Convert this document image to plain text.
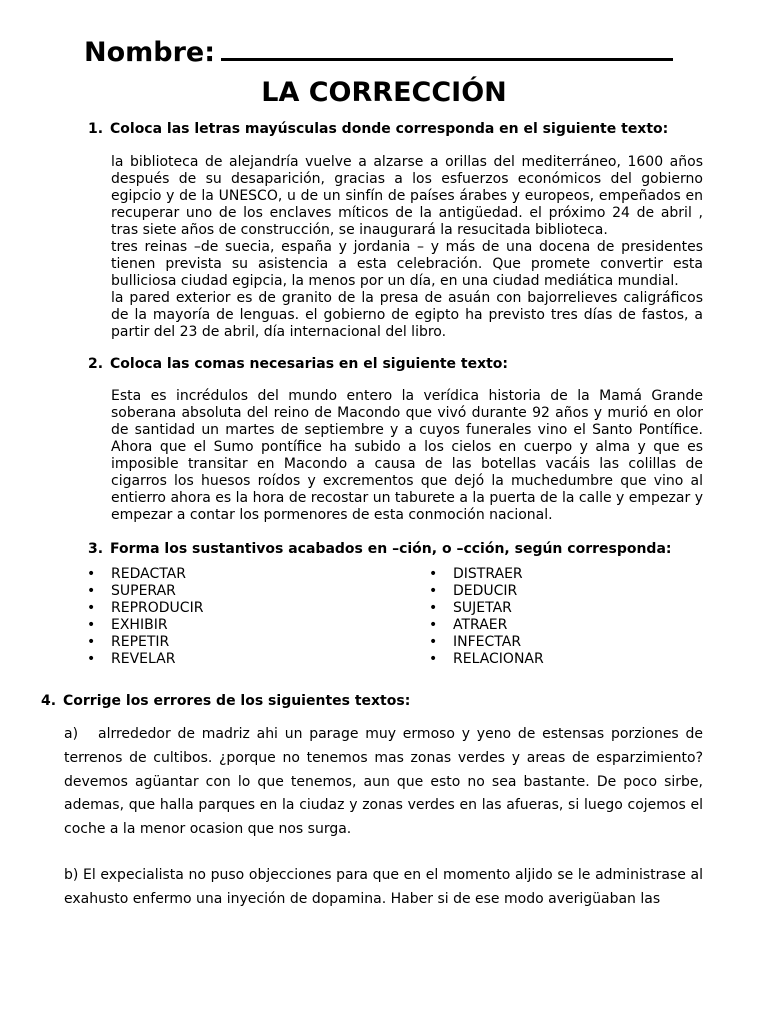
Nombre:
LA CORRECCIÓN
1. Coloca las letras mayúsculas donde corresponda en el siguiente texto:

la biblioteca de alejandría vuelve a alzarse a orillas del mediterráneo, 1600 años después de su desaparición, gracias a los esfuerzos económicos del gobierno egipcio y de la UNESCO, u de un sinfín de países árabes y europeos, empeñados en recuperar uno de los enclaves míticos de la antigüedad. el próximo 24 de abril , tras siete años de construcción, se inaugurará la resucitada biblioteca.

tres reinas –de suecia, españa y jordania – y más de una docena de presidentes tienen prevista su asistencia a esta celebración. Que promete convertir esta bulliciosa ciudad egipcia, la menos por un día, en una ciudad mediática mundial.

la pared exterior es de granito de la presa de asuán con bajorrelieves caligráficos de la mayoría de lenguas. el gobierno de egipto ha previsto tres días de fastos, a partir del 23 de abril, día internacional del libro.

2. Coloca las comas necesarias en el siguiente texto:

Esta es incrédulos del mundo entero la verídica historia de la Mamá Grande soberana absoluta del reino de Macondo que vivó durante 92 años y murió en olor de santidad un martes de septiembre y a cuyos funerales vino el Santo Pontífice. Ahora que el Sumo pontífice ha subido a los cielos en cuerpo y alma y que es imposible transitar en Macondo a causa de las botellas vacáis las colillas de cigarros los huesos roídos y excrementos que dejó la muchedumbre que vino al entierro ahora es la hora de recostar un taburete a la puerta de la calle y empezar y empezar a contar los pormenores de esta conmoción nacional.

3. Forma los sustantivos acabados en –ción, o –cción, según corresponda:
• REDACTAR
• SUPERAR
• REPRODUCIR
• EXHIBIR
• REPETIR
• REVELAR
• DISTRAER
• DEDUCIR
• SUJETAR
• ATRAER
• INFECTAR
• RELACIONAR
4. Corrige los errores de los siguientes textos:

a) alrrededor de madriz ahi un parage muy ermoso y yeno de estensas porziones de terrenos de cultibos. ¿porque no tenemos mas zonas verdes y areas de esparzimiento? devemos agüantar con lo que tenemos, aun que esto no sea bastante. De poco sirbe, ademas, que halla parques en la ciudaz y zonas verdes en las afueras, si luego cojemos el coche a la menor ocasion que nos surga.

b) El expecialista no puso objecciones para que en el momento aljido se le administrase al exahusto enfermo una inyeción de dopamina. Haber si de ese modo averigüaban las
